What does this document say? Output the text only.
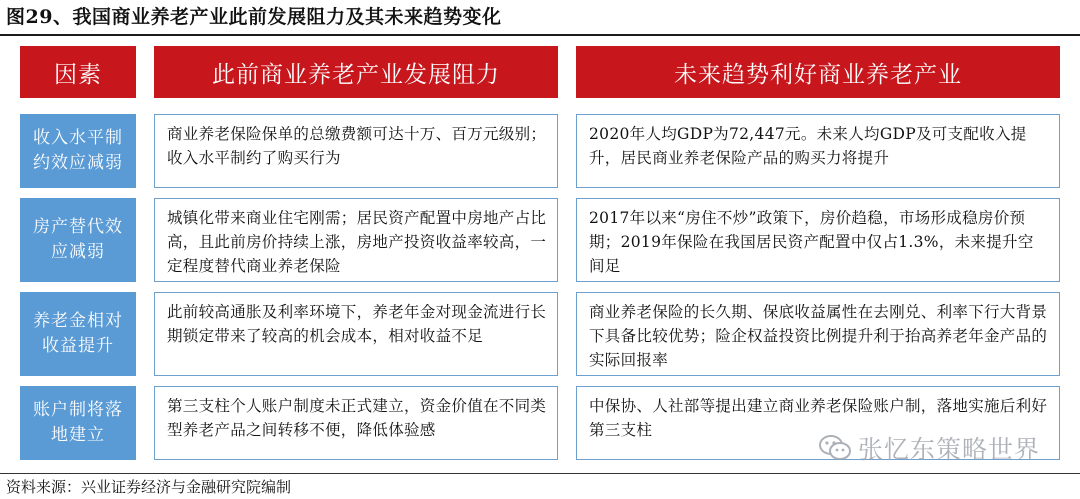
图29、我国商业养老产业此前发展阻力及其未来趋势变化
因素	此前商业养老产业发展阻力	未来趋势利好商业养老产业
收入水平制约效应减弱
商业养老保险保单的总缴费额可达十万、百万元级别；收入水平制约了购买行为
2020年人均GDP为72,447元。未来人均GDP及可支配收入提升，居民商业养老保险产品的购买力将提升
房产替代效应减弱
城镇化带来商业住宅刚需；居民资产配置中房地产占比高，且此前房价持续上涨，房地产投资收益率较高，一定程度替代商业养老保险
2017年以来“房住不炒”政策下，房价趋稳，市场形成稳房价预期；2019年保险在我国居民资产配置中仅占1.3%，未来提升空间足
养老金相对收益提升
此前较高通胀及利率环境下，养老年金对现金流进行长期锁定带来了较高的机会成本，相对收益不足
商业养老保险的长久期、保底收益属性在去刚兑、利率下行大背景下具备比较优势；险企权益投资比例提升利于抬高养老年金产品的实际回报率
账户制将落地建立
第三支柱个人账户制度未正式建立，资金价值在不同类型养老产品之间转移不便，降低体验感
中保协、人社部等提出建立商业养老保险账户制，落地实施后利好第三支柱
张忆东策略世界
资料来源：兴业证券经济与金融研究院编制
